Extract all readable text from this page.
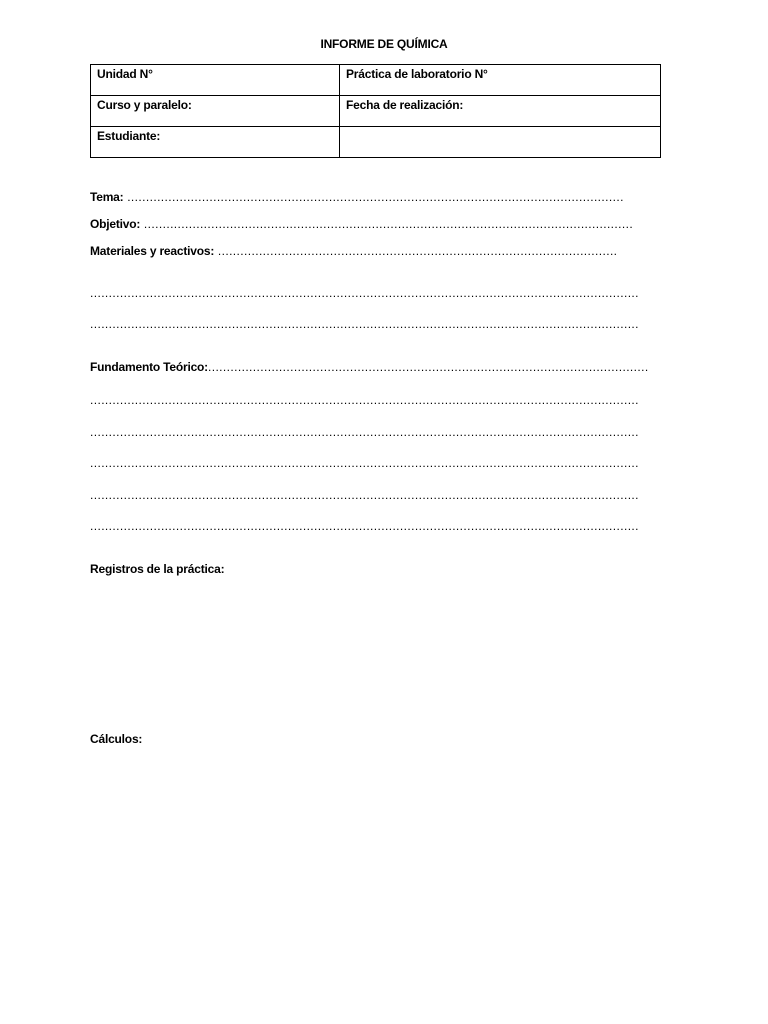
INFORME DE QUÍMICA
Unidad N°	Práctica de laboratorio N°
Curso y paralelo:	Fecha de realización:
Estudiante:	
Tema: .....................................................................................................................................
Objetivo: ...................................................................................................................................
Materiales y reactivos: ...........................................................................................................
...................................................................................................................................................
...................................................................................................................................................
Fundamento Teórico:......................................................................................................................
...................................................................................................................................................
...................................................................................................................................................
...................................................................................................................................................
...................................................................................................................................................
...................................................................................................................................................
Registros de la práctica:
Cálculos:
